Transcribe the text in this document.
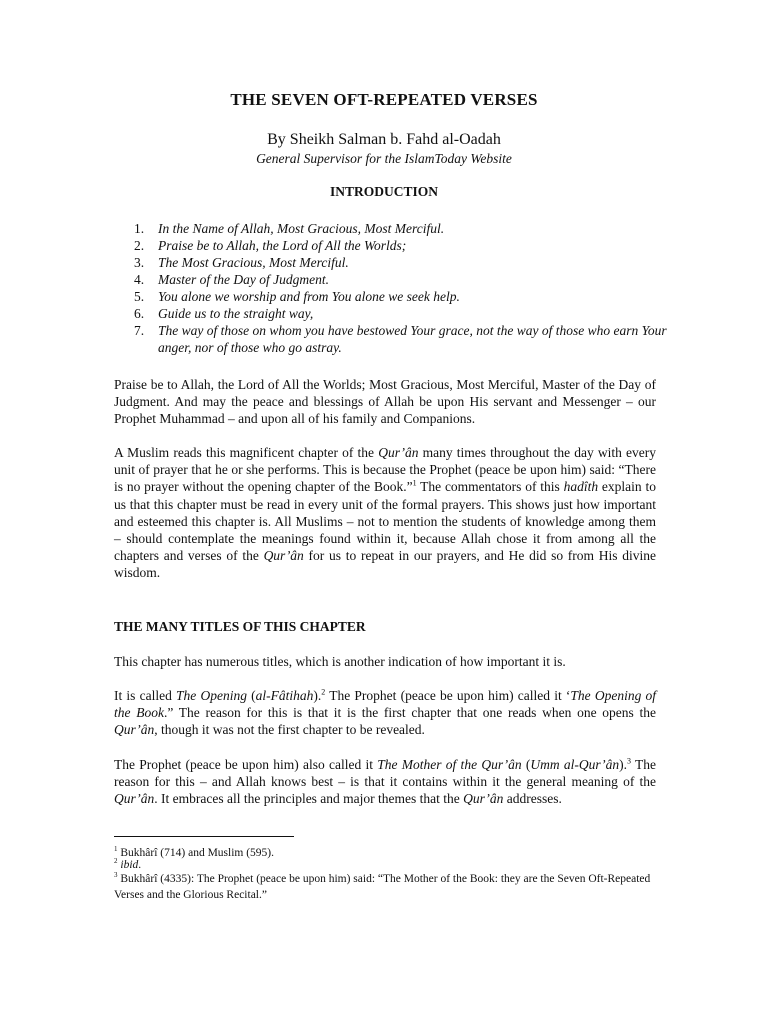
THE SEVEN OFT-REPEATED VERSES
By Sheikh Salman b. Fahd al-Oadah
General Supervisor for the IslamToday Website
INTRODUCTION
1. In the Name of Allah, Most Gracious, Most Merciful.
2. Praise be to Allah, the Lord of All the Worlds;
3. The Most Gracious, Most Merciful.
4. Master of the Day of Judgment.
5. You alone we worship and from You alone we seek help.
6. Guide us to the straight way,
7. The way of those on whom you have bestowed Your grace, not the way of those who earn Your anger, nor of those who go astray.
Praise be to Allah, the Lord of All the Worlds; Most Gracious, Most Merciful, Master of the Day of Judgment. And may the peace and blessings of Allah be upon His servant and Messenger – our Prophet Muhammad – and upon all of his family and Companions.
A Muslim reads this magnificent chapter of the Qur’ân many times throughout the day with every unit of prayer that he or she performs. This is because the Prophet (peace be upon him) said: “There is no prayer without the opening chapter of the Book.”$^1$ The commentators of this hadîth explain to us that this chapter must be read in every unit of the formal prayers. This shows just how important and esteemed this chapter is. All Muslims – not to mention the students of knowledge among them – should contemplate the meanings found within it, because Allah chose it from among all the chapters and verses of the Qur’ân for us to repeat in our prayers, and He did so from His divine wisdom.
THE MANY TITLES OF THIS CHAPTER
This chapter has numerous titles, which is another indication of how important it is.
It is called The Opening (al-Fâtihah).$^2$ The Prophet (peace be upon him) called it ‘The Opening of the Book.” The reason for this is that it is the first chapter that one reads when one opens the Qur’ân, though it was not the first chapter to be revealed.
The Prophet (peace be upon him) also called it The Mother of the Qur’ân (Umm al-Qur’ân).$^3$ The reason for this – and Allah knows best – is that it contains within it the general meaning of the Qur’ân. It embraces all the principles and major themes that the Qur’ân addresses.
$^1$ Bukhârî (714) and Muslim (595).
$^2$ ibid.
$^3$ Bukhârî (4335): The Prophet (peace be upon him) said: “The Mother of the Book: they are the Seven Oft-Repeated Verses and the Glorious Recital.”
